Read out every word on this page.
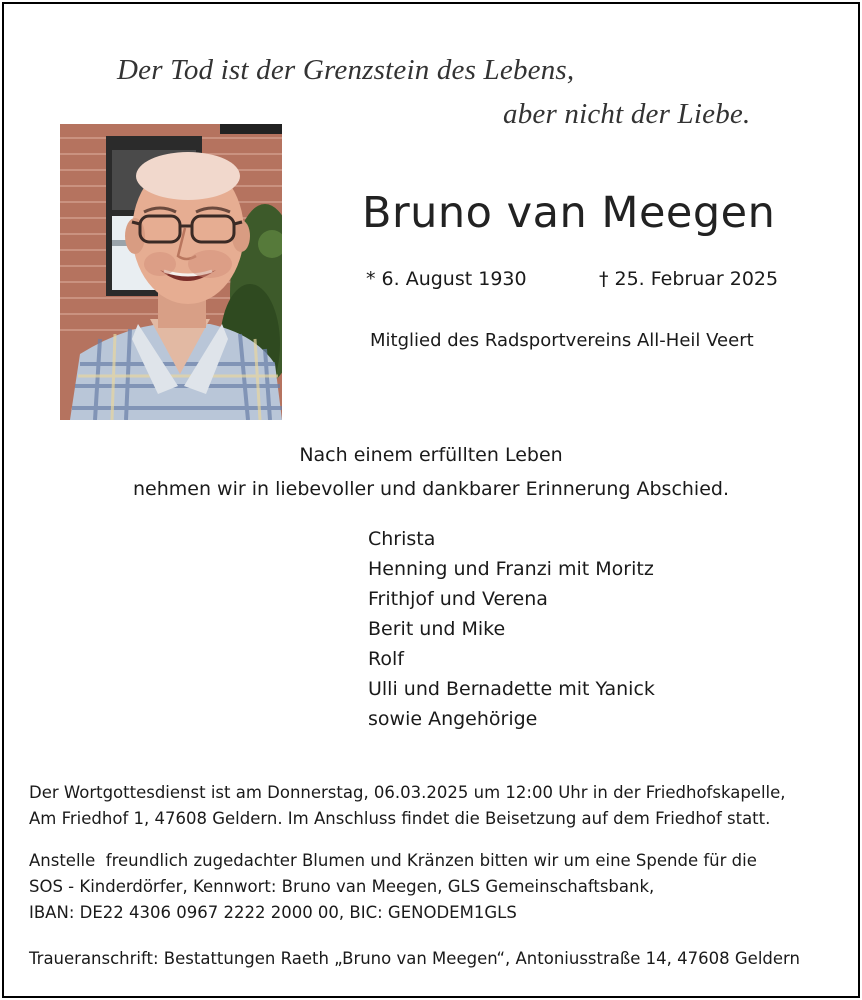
Der Tod ist der Grenzstein des Lebens,
aber nicht der Liebe.
Bruno van Meegen
* 6. August 1930	† 25. Februar 2025
Mitglied des Radsportvereins All-Heil Veert
Nach einem erfüllten Leben
nehmen wir in liebevoller und dankbarer Erinnerung Abschied.
Christa
Henning und Franzi mit Moritz
Frithjof und Verena
Berit und Mike
Rolf
Ulli und Bernadette mit Yanick
sowie Angehörige
Der Wortgottesdienst ist am Donnerstag, 06.03.2025 um 12:00 Uhr in der Friedhofskapelle,
Am Friedhof 1, 47608 Geldern. Im Anschluss findet die Beisetzung auf dem Friedhof statt.
Anstelle  freundlich zugedachter Blumen und Kränzen bitten wir um eine Spende für die
SOS - Kinderdörfer, Kennwort: Bruno van Meegen, GLS Gemeinschaftsbank,
IBAN: DE22 4306 0967 2222 2000 00, BIC: GENODEM1GLS
Traueranschrift: Bestattungen Raeth „Bruno van Meegen“, Antoniusstraße 14, 47608 Geldern
